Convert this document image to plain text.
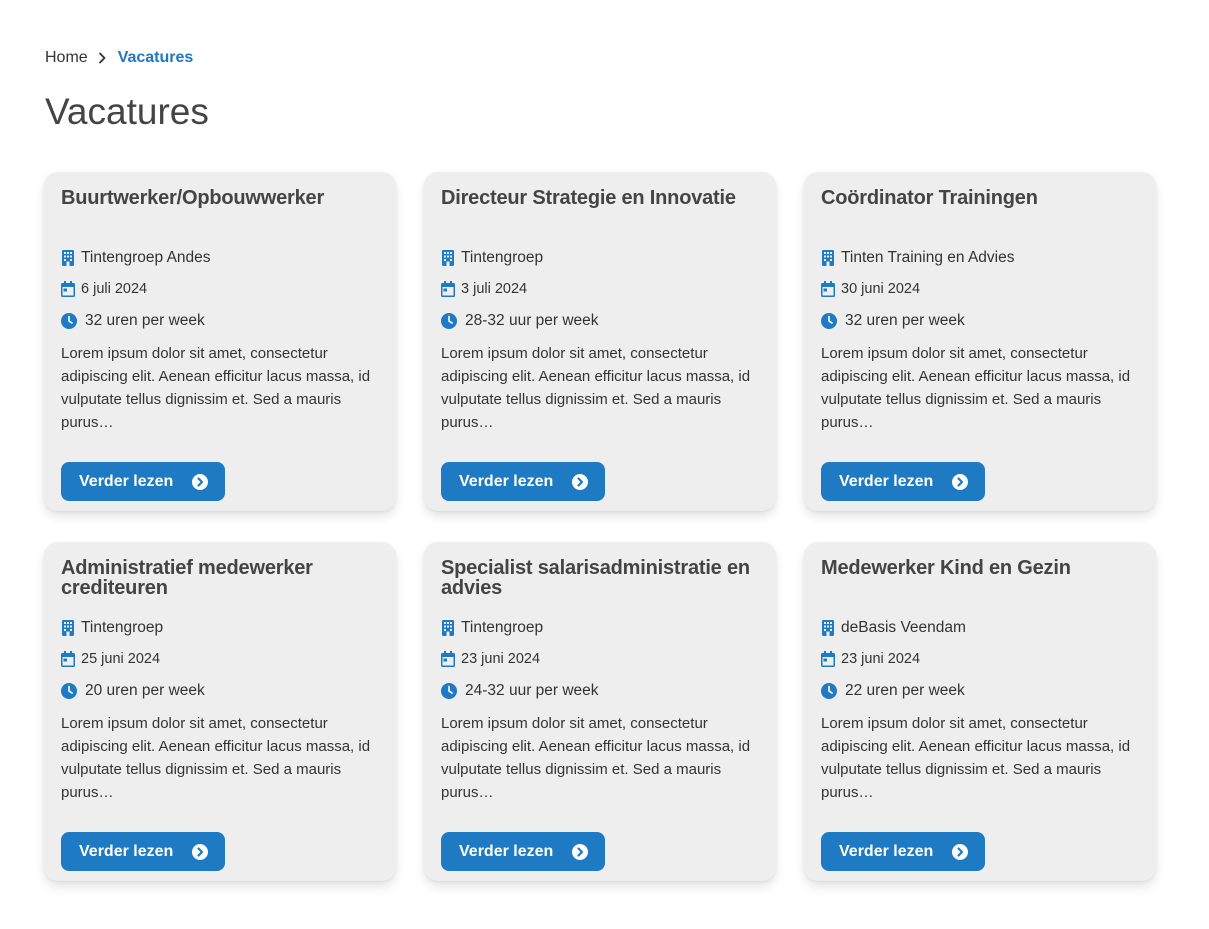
Home Vacatures
Vacatures
Buurtwerker/Opbouwwerker
Tintengroep Andes
6 juli 2024
32 uren per week

Lorem ipsum dolor sit amet, consectetur adipiscing elit. Aenean efficitur lacus massa, id vulputate tellus dignissim et. Sed a mauris purus…

Verder lezen
Directeur Strategie en Innovatie
Tintengroep
3 juli 2024
28-32 uur per week

Lorem ipsum dolor sit amet, consectetur adipiscing elit. Aenean efficitur lacus massa, id vulputate tellus dignissim et. Sed a mauris purus…

Verder lezen
Coördinator Trainingen
Tinten Training en Advies
30 juni 2024
32 uren per week

Lorem ipsum dolor sit amet, consectetur adipiscing elit. Aenean efficitur lacus massa, id vulputate tellus dignissim et. Sed a mauris purus…

Verder lezen
Administratief medewerker crediteuren
Tintengroep
25 juni 2024
20 uren per week

Lorem ipsum dolor sit amet, consectetur adipiscing elit. Aenean efficitur lacus massa, id vulputate tellus dignissim et. Sed a mauris purus…

Verder lezen
Specialist salarisadministratie en advies
Tintengroep
23 juni 2024
24-32 uur per week

Lorem ipsum dolor sit amet, consectetur adipiscing elit. Aenean efficitur lacus massa, id vulputate tellus dignissim et. Sed a mauris purus…

Verder lezen
Medewerker Kind en Gezin
deBasis Veendam
23 juni 2024
22 uren per week

Lorem ipsum dolor sit amet, consectetur adipiscing elit. Aenean efficitur lacus massa, id vulputate tellus dignissim et. Sed a mauris purus…

Verder lezen
